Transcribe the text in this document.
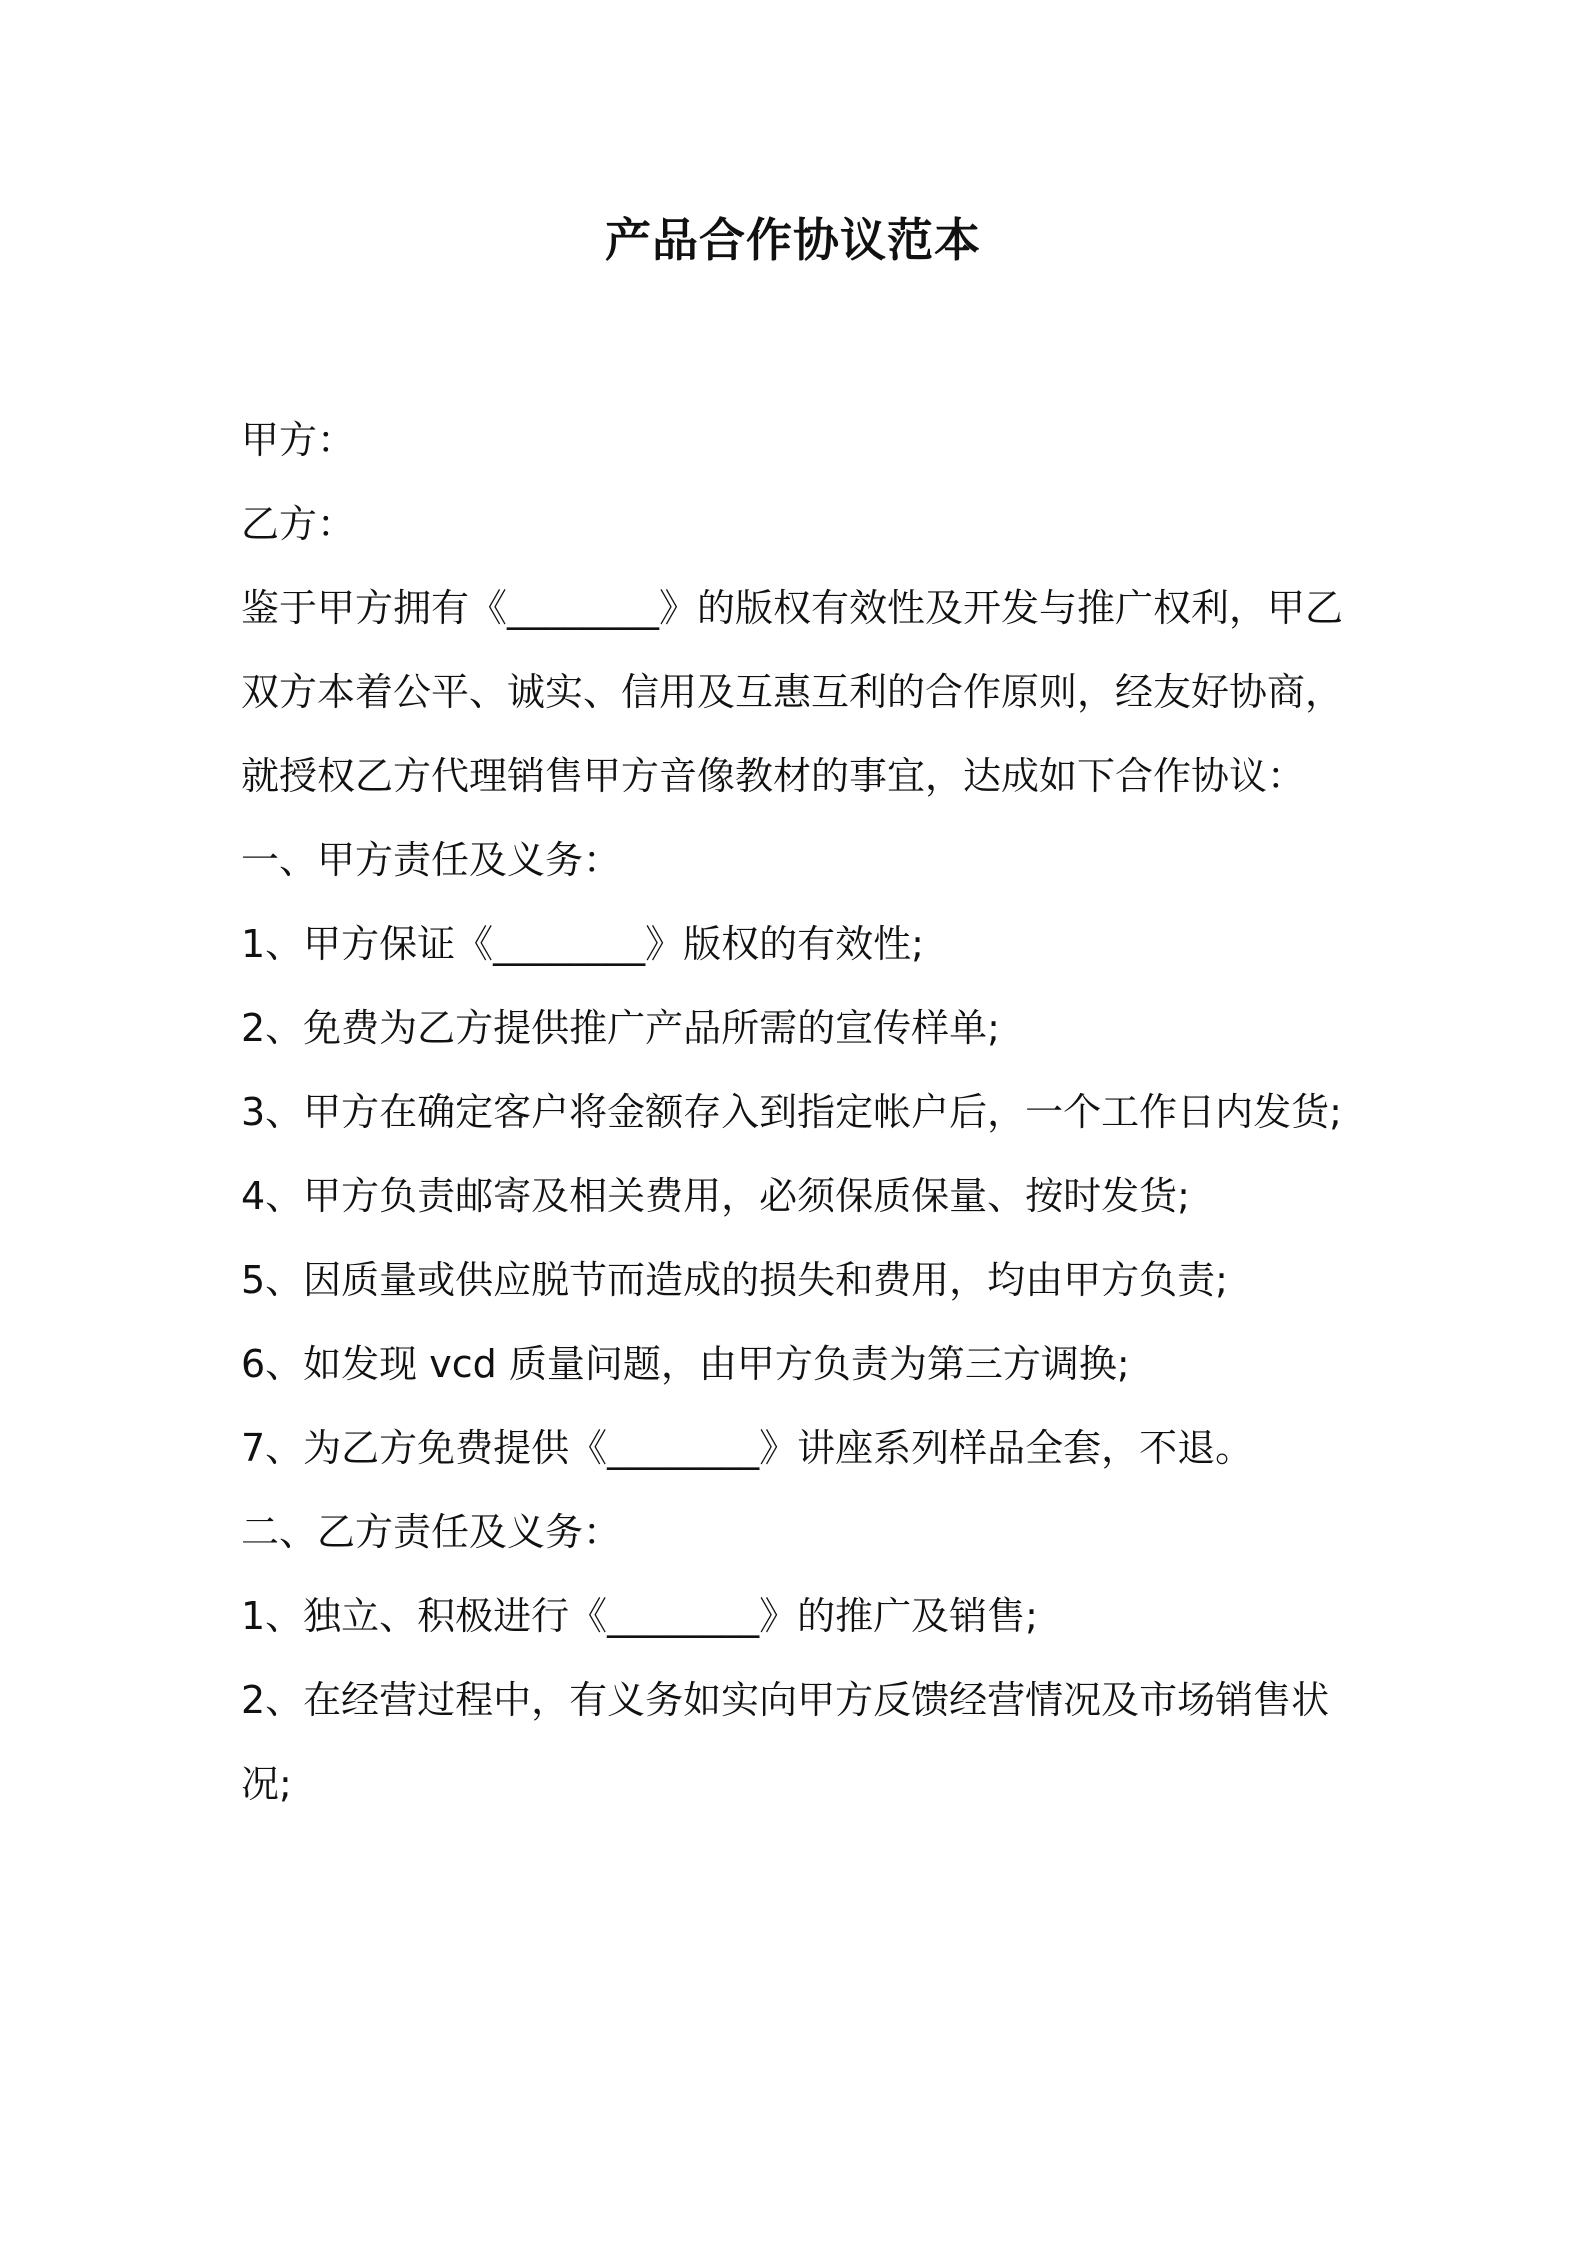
产品合作协议范本

甲方：

乙方：

鉴于甲方拥有《________》的版权有效性及开发与推广权利，甲乙双方本着公平、诚实、信用及互惠互利的合作原则，经友好协商，就授权乙方代理销售甲方音像教材的事宜，达成如下合作协议：

一、甲方责任及义务：

1、甲方保证《________》版权的有效性;

2、免费为乙方提供推广产品所需的宣传样单;

3、甲方在确定客户将金额存入到指定帐户后，一个工作日内发货;

4、甲方负责邮寄及相关费用，必须保质保量、按时发货;

5、因质量或供应脱节而造成的损失和费用，均由甲方负责;

6、如发现 vcd 质量问题，由甲方负责为第三方调换;

7、为乙方免费提供《________》讲座系列样品全套，不退。

二、乙方责任及义务：

1、独立、积极进行《________》的推广及销售;

2、在经营过程中，有义务如实向甲方反馈经营情况及市场销售状况;
